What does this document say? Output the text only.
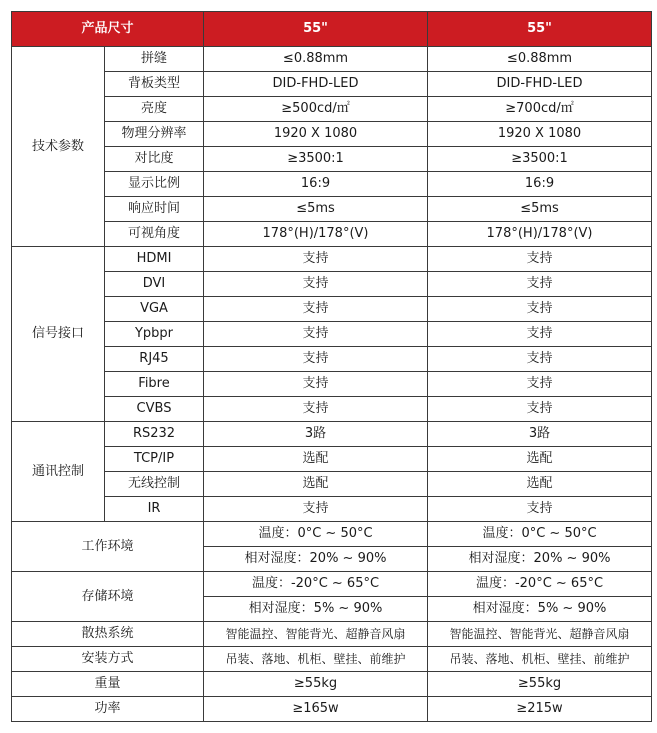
产品尺寸		55"	55"
技术参数	拼缝	≤0.88mm	≤0.88mm
	背板类型	DID-FHD-LED	DID-FHD-LED
	亮度	≥500cd/㎡	≥700cd/㎡
	物理分辨率	1920 X 1080	1920 X 1080
	对比度	≥3500:1	≥3500:1
	显示比例	16:9	16:9
	响应时间	≤5ms	≤5ms
	可视角度	178°(H)/178°(V)	178°(H)/178°(V)
信号接口	HDMI	支持	支持
	DVI	支持	支持
	VGA	支持	支持
	Ypbpr	支持	支持
	RJ45	支持	支持
	Fibre	支持	支持
	CVBS	支持	支持
通讯控制	RS232	3路	3路
	TCP/IP	选配	选配
	无线控制	选配	选配
	IR	支持	支持
工作环境		温度：0°C ~ 50°C	温度：0°C ~ 50°C
		相对湿度：20% ~ 90%	相对湿度：20% ~ 90%
存储环境		温度：-20°C ~ 65°C	温度：-20°C ~ 65°C
		相对湿度：5% ~ 90%	相对湿度：5% ~ 90%
散热系统		智能温控、智能背光、超静音风扇	智能温控、智能背光、超静音风扇
安装方式		吊装、落地、机柜、壁挂、前维护	吊装、落地、机柜、壁挂、前维护
重量		≥55kg	≥55kg
功率		≥165w	≥215w
